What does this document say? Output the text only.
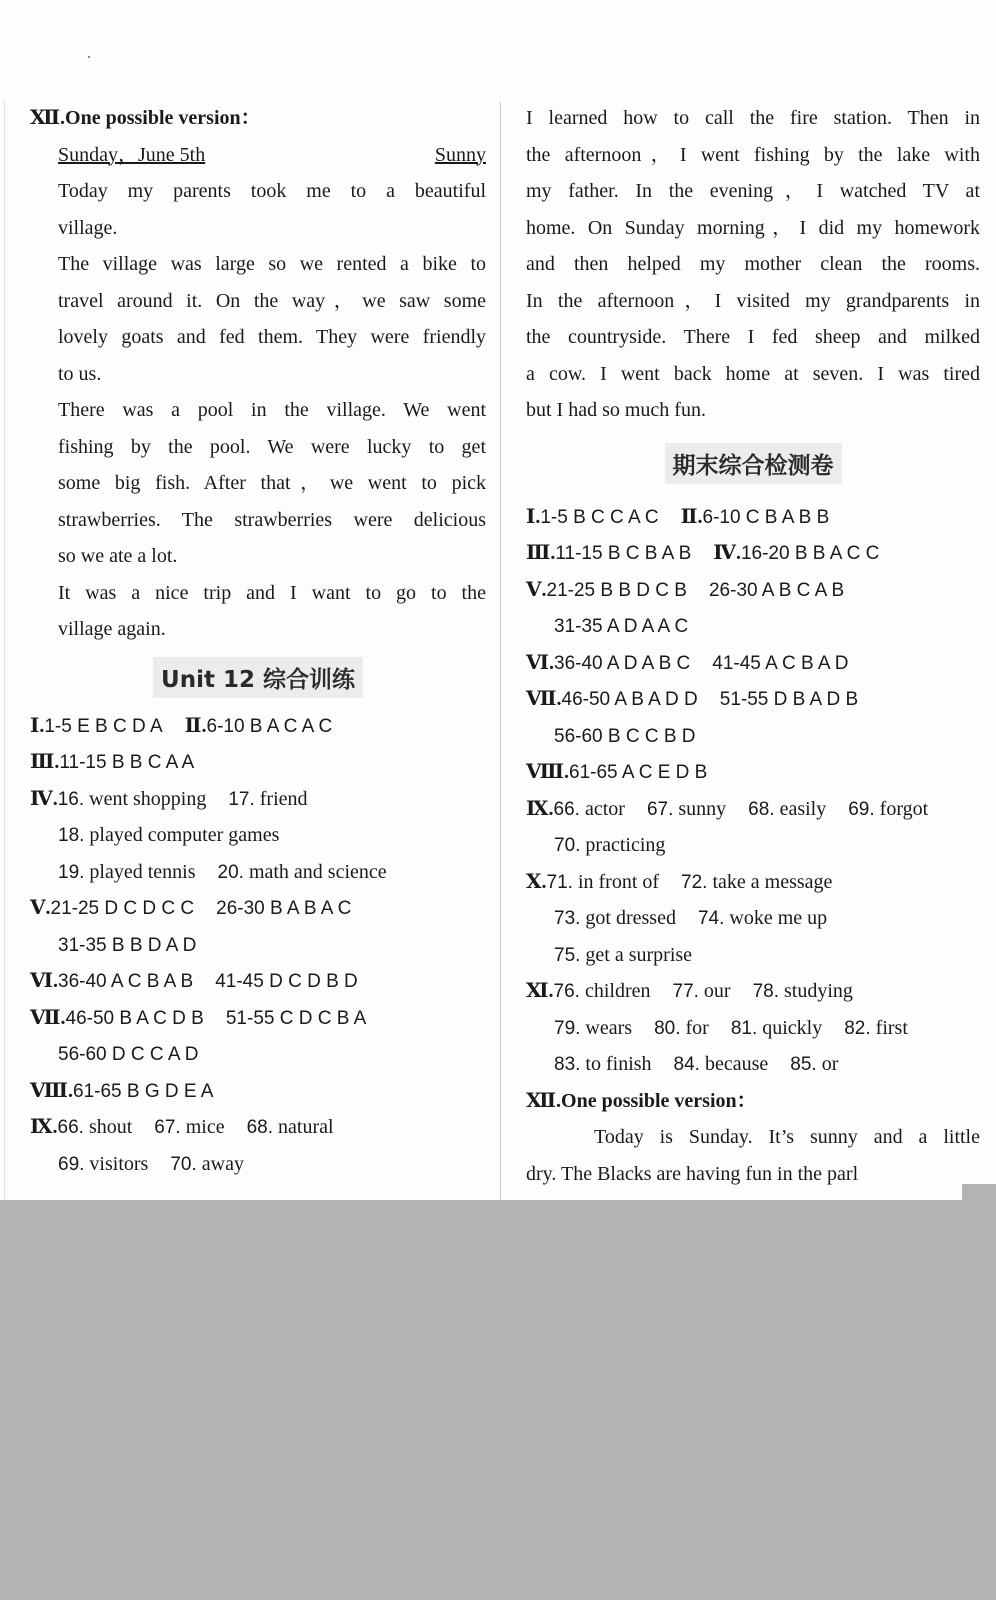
Ⅻ.One possible version：
Sunday，June 5th	Sunny
Today my parents took me to a beautiful
village.
The village was large so we rented a bike to
travel around it. On the way，we saw some
lovely goats and fed them. They were friendly
to us.
There was a pool in the village. We went
fishing by the pool. We were lucky to get
some big fish. After that，we went to pick
strawberries. The strawberries were delicious
so we ate a lot.
It was a nice trip and I want to go to the
village again.
Unit 12 综合训练
Ⅰ.1-5 E B C D A Ⅱ.6-10 B A C A C
Ⅲ.11-15 B B C A A
Ⅳ.16. went shopping 17. friend
18. played computer games
19. played tennis 20. math and science
Ⅴ.21-25 D C D C C 26-30 B A B A C
31-35 B B D A D
Ⅵ.36-40 A C B A B 41-45 D C D B D
Ⅶ.46-50 B A C D B 51-55 C D C B A
56-60 D C C A D
Ⅷ.61-65 B G D E A
Ⅸ.66. shout 67. mice 68. natural
69. visitors 70. away
I learned how to call the fire station. Then in
the afternoon，I went fishing by the lake with
my father. In the evening，I watched TV at
home. On Sunday morning，I did my homework
and then helped my mother clean the rooms.
In the afternoon，I visited my grandparents in
the countryside. There I fed sheep and milked
a cow. I went back home at seven. I was tired
but I had so much fun.
期末综合检测卷
Ⅰ.1-5 B C C A C Ⅱ.6-10 C B A B B
Ⅲ.11-15 B C B A B Ⅳ.16-20 B B A C C
Ⅴ.21-25 B B D C B 26-30 A B C A B
31-35 A D A A C
Ⅵ.36-40 A D A B C 41-45 A C B A D
Ⅶ.46-50 A B A D D 51-55 D B A D B
56-60 B C C B D
Ⅷ.61-65 A C E D B
Ⅸ.66. actor 67. sunny 68. easily 69. forgot
70. practicing
Ⅹ.71. in front of 72. take a message
73. got dressed 74. woke me up
75. get a surprise
Ⅺ.76. children 77. our 78. studying
79. wears 80. for 81. quickly 82. first
83. to finish 84. because 85. or
Ⅻ.One possible version：
Today is Sunday. It’s sunny and a little
dry. The Blacks are having fun in the parl
